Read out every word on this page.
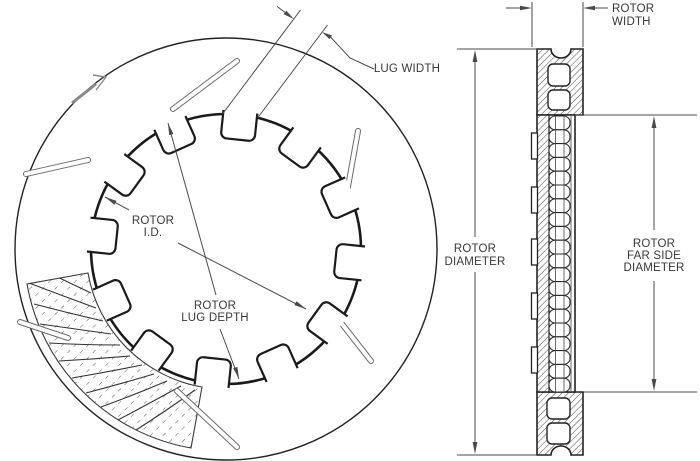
LUG WIDTH
ROTOR
I.D.
ROTOR
LUG DEPTH
ROTOR
WIDTH
ROTOR
DIAMETER
ROTOR
FAR SIDE
DIAMETER
